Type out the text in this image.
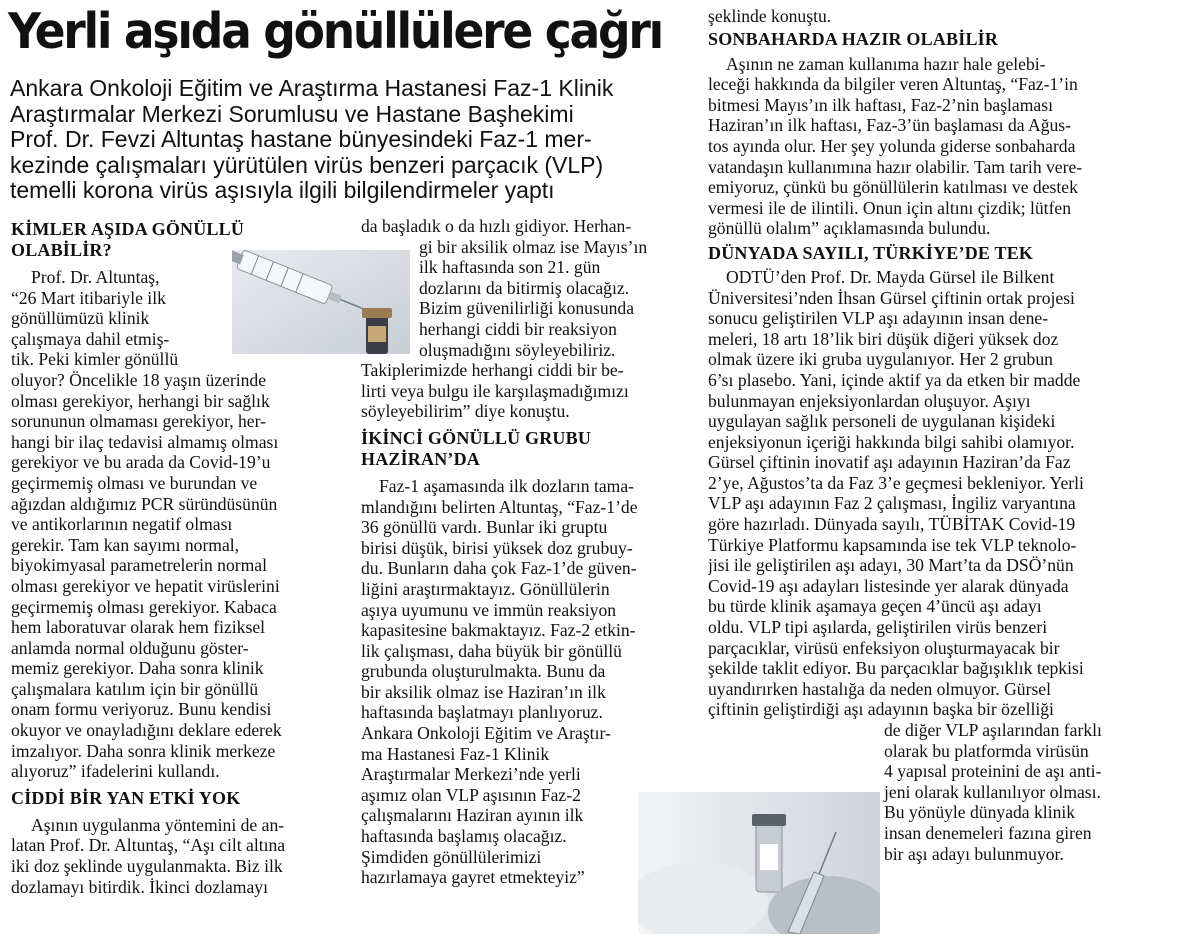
Yerli aşıda gönüllülere çağrı
Ankara Onkoloji Eğitim ve Araştırma Hastanesi Faz-1 Klinik
Araştırmalar Merkezi Sorumlusu ve Hastane Başhekimi
Prof. Dr. Fevzi Altuntaş hastane bünyesindeki Faz-1 mer-
kezinde çalışmaları yürütülen virüs benzeri parçacık (VLP)
temelli korona virüs aşısıyla ilgili bilgilendirmeler yaptı
KİMLER AŞIDA GÖNÜLLÜ
OLABİLİR?
Prof. Dr. Altuntaş,
“26 Mart itibariyle ilk
gönüllümüzü klinik
çalışmaya dahil etmiş-
tik. Peki kimler gönüllü
oluyor? Öncelikle 18 yaşın üzerinde
olması gerekiyor, herhangi bir sağlık
sorununun olmaması gerekiyor, her-
hangi bir ilaç tedavisi almamış olması
gerekiyor ve bu arada da Covid-19’u
geçirmemiş olması ve burundan ve
ağızdan aldığımız PCR süründüsünün
ve antikorlarının negatif olması
gerekir. Tam kan sayımı normal,
biyokimyasal parametrelerin normal
olması gerekiyor ve hepatit virüslerini
geçirmemiş olması gerekiyor. Kabaca
hem laboratuvar olarak hem fiziksel
anlamda normal olduğunu göster-
memiz gerekiyor. Daha sonra klinik
çalışmalara katılım için bir gönüllü
onam formu veriyoruz. Bunu kendisi
okuyor ve onayladığını deklare ederek
imzalıyor. Daha sonra klinik merkeze
alıyoruz” ifadelerini kullandı.
CİDDİ BİR YAN ETKİ YOK
Aşının uygulanma yöntemini de an-
latan Prof. Dr. Altuntaş, “Aşı cilt altına
iki doz şeklinde uygulanmakta. Biz ilk
dozlamayı bitirdik. İkinci dozlamayı
da başladık o da hızlı gidiyor. Herhan-
gi bir aksilik olmaz ise Mayıs’ın
ilk haftasında son 21. gün
dozlarını da bitirmiş olacağız.
Bizim güvenilirliği konusunda
herhangi ciddi bir reaksiyon
oluşmadığını söyleyebiliriz.
Takiplerimizde herhangi ciddi bir be-
lirti veya bulgu ile karşılaşmadığımızı
söyleyebilirim” diye konuştu.
İKİNCİ GÖNÜLLÜ GRUBU
HAZİRAN’DA
Faz-1 aşamasında ilk dozların tama-
mlandığını belirten Altuntaş, “Faz-1’de
36 gönüllü vardı. Bunlar iki gruptu
birisi düşük, birisi yüksek doz grubuy-
du. Bunların daha çok Faz-1’de güven-
liğini araştırmaktayız. Gönüllülerin
aşıya uyumunu ve immün reaksiyon
kapasitesine bakmaktayız. Faz-2 etkin-
lik çalışması, daha büyük bir gönüllü
grubunda oluşturulmakta. Bunu da
bir aksilik olmaz ise Haziran’ın ilk
haftasında başlatmayı planlıyoruz.
Ankara Onkoloji Eğitim ve Araştır-
ma Hastanesi Faz-1 Klinik
Araştırmalar Merkezi’nde yerli
aşımız olan VLP aşısının Faz-2
çalışmalarını Haziran ayının ilk
haftasında başlamış olacağız.
Şimdiden gönüllülerimizi
hazırlamaya gayret etmekteyiz”
şeklinde konuştu.
SONBAHARDA HAZIR OLABİLİR
Aşının ne zaman kullanıma hazır hale gelebi-
leceği hakkında da bilgiler veren Altuntaş, “Faz-1’in
bitmesi Mayıs’ın ilk haftası, Faz-2’nin başlaması
Haziran’ın ilk haftası, Faz-3’ün başlaması da Ağus-
tos ayında olur. Her şey yolunda giderse sonbaharda
vatandaşın kullanımına hazır olabilir. Tam tarih vere-
emiyoruz, çünkü bu gönüllülerin katılması ve destek
vermesi ile de ilintili. Onun için altını çizdik; lütfen
gönüllü olalım” açıklamasında bulundu.
DÜNYADA SAYILI, TÜRKİYE’DE TEK
ODTÜ’den Prof. Dr. Mayda Gürsel ile Bilkent
Üniversitesi’nden İhsan Gürsel çiftinin ortak projesi
sonucu geliştirilen VLP aşı adayının insan dene-
meleri, 18 artı 18’lik biri düşük diğeri yüksek doz
olmak üzere iki gruba uygulanıyor. Her 2 grubun
6’sı plasebo. Yani, içinde aktif ya da etken bir madde
bulunmayan enjeksiyonlardan oluşuyor. Aşıyı
uygulayan sağlık personeli de uygulanan kişideki
enjeksiyonun içeriği hakkında bilgi sahibi olamıyor.
Gürsel çiftinin inovatif aşı adayının Haziran’da Faz
2’ye, Ağustos’ta da Faz 3’e geçmesi bekleniyor. Yerli
VLP aşı adayının Faz 2 çalışması, İngiliz varyantına
göre hazırladı. Dünyada sayılı, TÜBİTAK Covid-19
Türkiye Platformu kapsamında ise tek VLP teknolo-
jisi ile geliştirilen aşı adayı, 30 Mart’ta da DSÖ’nün
Covid-19 aşı adayları listesinde yer alarak dünyada
bu türde klinik aşamaya geçen 4’üncü aşı adayı
oldu. VLP tipi aşılarda, geliştirilen virüs benzeri
parçacıklar, virüsü enfeksiyon oluşturmayacak bir
şekilde taklit ediyor. Bu parçacıklar bağışıklık tepkisi
uyandırırken hastalığa da neden olmuyor. Gürsel
çiftinin geliştirdiği aşı adayının başka bir özelliği
de diğer VLP aşılarından farklı
olarak bu platformda virüsün
4 yapısal proteinini de aşı anti-
jeni olarak kullanılıyor olması.
Bu yönüyle dünyada klinik
insan denemeleri fazına giren
bir aşı adayı bulunmuyor.
